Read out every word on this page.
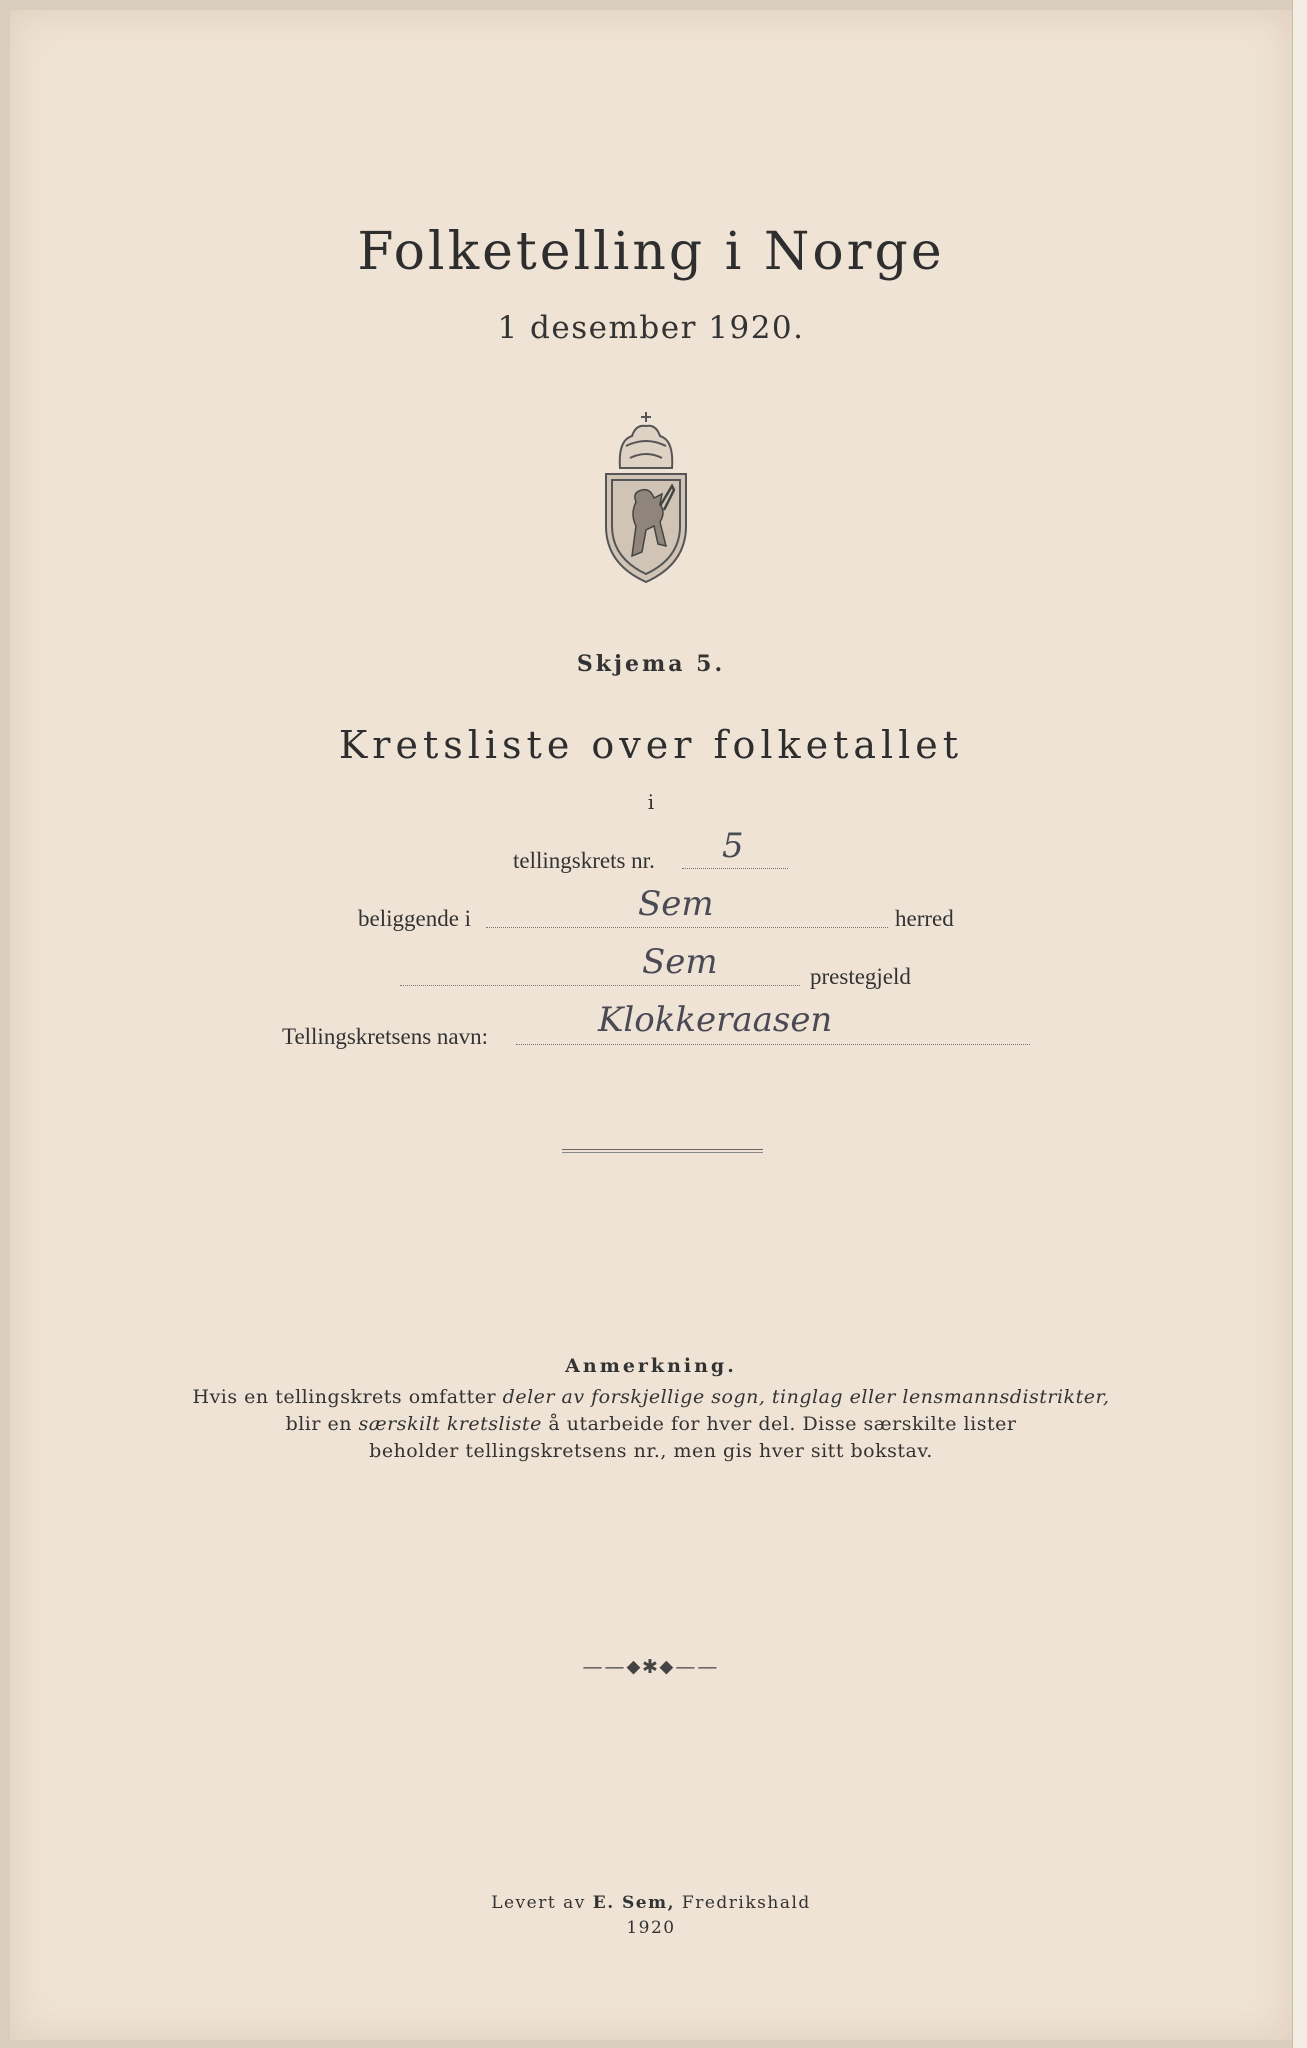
Folketelling i Norge
1 desember 1920.
Skjema 5.
Kretsliste over folketallet
i
tellingskrets nr. 5
beliggende i	Sem	herred
Sem	prestegjeld
Tellingskretsens navn:	Klokkeraasen
Anmerkning.
Hvis en tellingskrets omfatter deler av forskjellige sogn, tinglag eller lensmannsdistrikter,
blir en særskilt kretsliste å utarbeide for hver del. Disse særskilte lister
beholder tellingskretsens nr., men gis hver sitt bokstav.
——⬥✱⬥——
Levert av E. Sem, Fredrikshald
1920
